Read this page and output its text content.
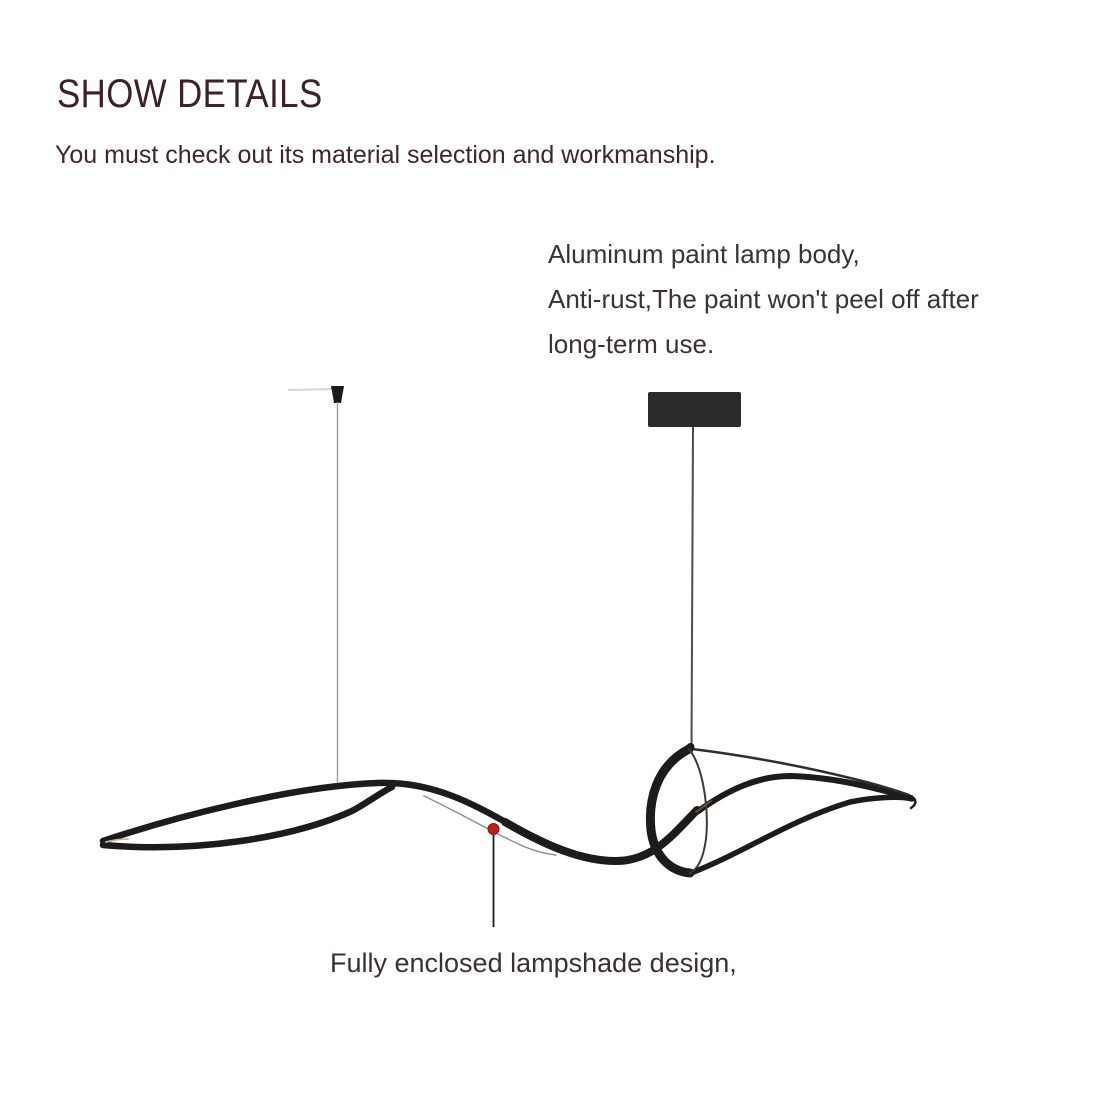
SHOW DETAILS
You must check out its material selection and workmanship.
Aluminum paint lamp body,
Anti-rust,The paint won't peel off after
long-term use.
Fully enclosed lampshade design,
